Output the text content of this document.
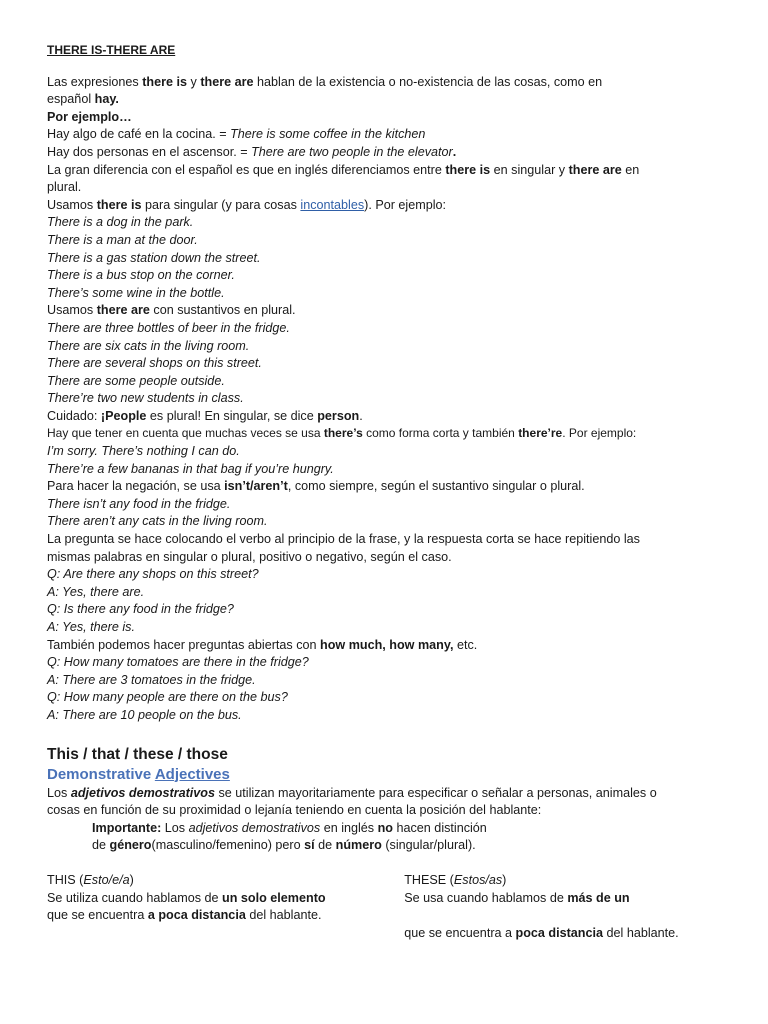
THERE IS-THERE ARE
Las expresiones there is y there are hablan de la existencia o no-existencia de las cosas, como en
español hay.
Por ejemplo…
Hay algo de café en la cocina. = There is some coffee in the kitchen
Hay dos personas en el ascensor. = There are two people in the elevator.
La gran diferencia con el español es que en inglés diferenciamos entre there is en singular y there are en
plural.
Usamos there is para singular (y para cosas incontables). Por ejemplo:
There is a dog in the park.
There is a man at the door.
There is a gas station down the street.
There is a bus stop on the corner.
There’s some wine in the bottle.
Usamos there are con sustantivos en plural.
There are three bottles of beer in the fridge.
There are six cats in the living room.
There are several shops on this street.
There are some people outside.
There’re two new students in class.
Cuidado: ¡People es plural! En singular, se dice person.
Hay que tener en cuenta que muchas veces se usa there’s como forma corta y también there’re. Por ejemplo:
I’m sorry. There’s nothing I can do.
There’re a few bananas in that bag if you’re hungry.
Para hacer la negación, se usa isn’t/aren’t, como siempre, según el sustantivo singular o plural.
There isn’t any food in the fridge.
There aren’t any cats in the living room.
La pregunta se hace colocando el verbo al principio de la frase, y la respuesta corta se hace repitiendo las
mismas palabras en singular o plural, positivo o negativo, según el caso.
Q: Are there any shops on this street?
A: Yes, there are.
Q: Is there any food in the fridge?
A: Yes, there is.
También podemos hacer preguntas abiertas con how much, how many, etc.
Q: How many tomatoes are there in the fridge?
A: There are 3 tomatoes in the fridge.
Q: How many people are there on the bus?
A: There are 10 people on the bus.
This / that / these / those
Demonstrative Adjectives
Los adjetivos demostrativos se utilizan mayoritariamente para especificar o señalar a personas, animales o
cosas en función de su proximidad o lejanía teniendo en cuenta la posición del hablante:
Importante: Los adjetivos demostrativos en inglés no hacen distinción
de género(masculino/femenino) pero sí de número (singular/plural).
THIS (Esto/e/a)
Se utiliza cuando hablamos de un solo elemento
que se encuentra a poca distancia del hablante.
THESE (Estos/as)
Se usa cuando hablamos de más de un
que se encuentra a poca distancia del hablante.
